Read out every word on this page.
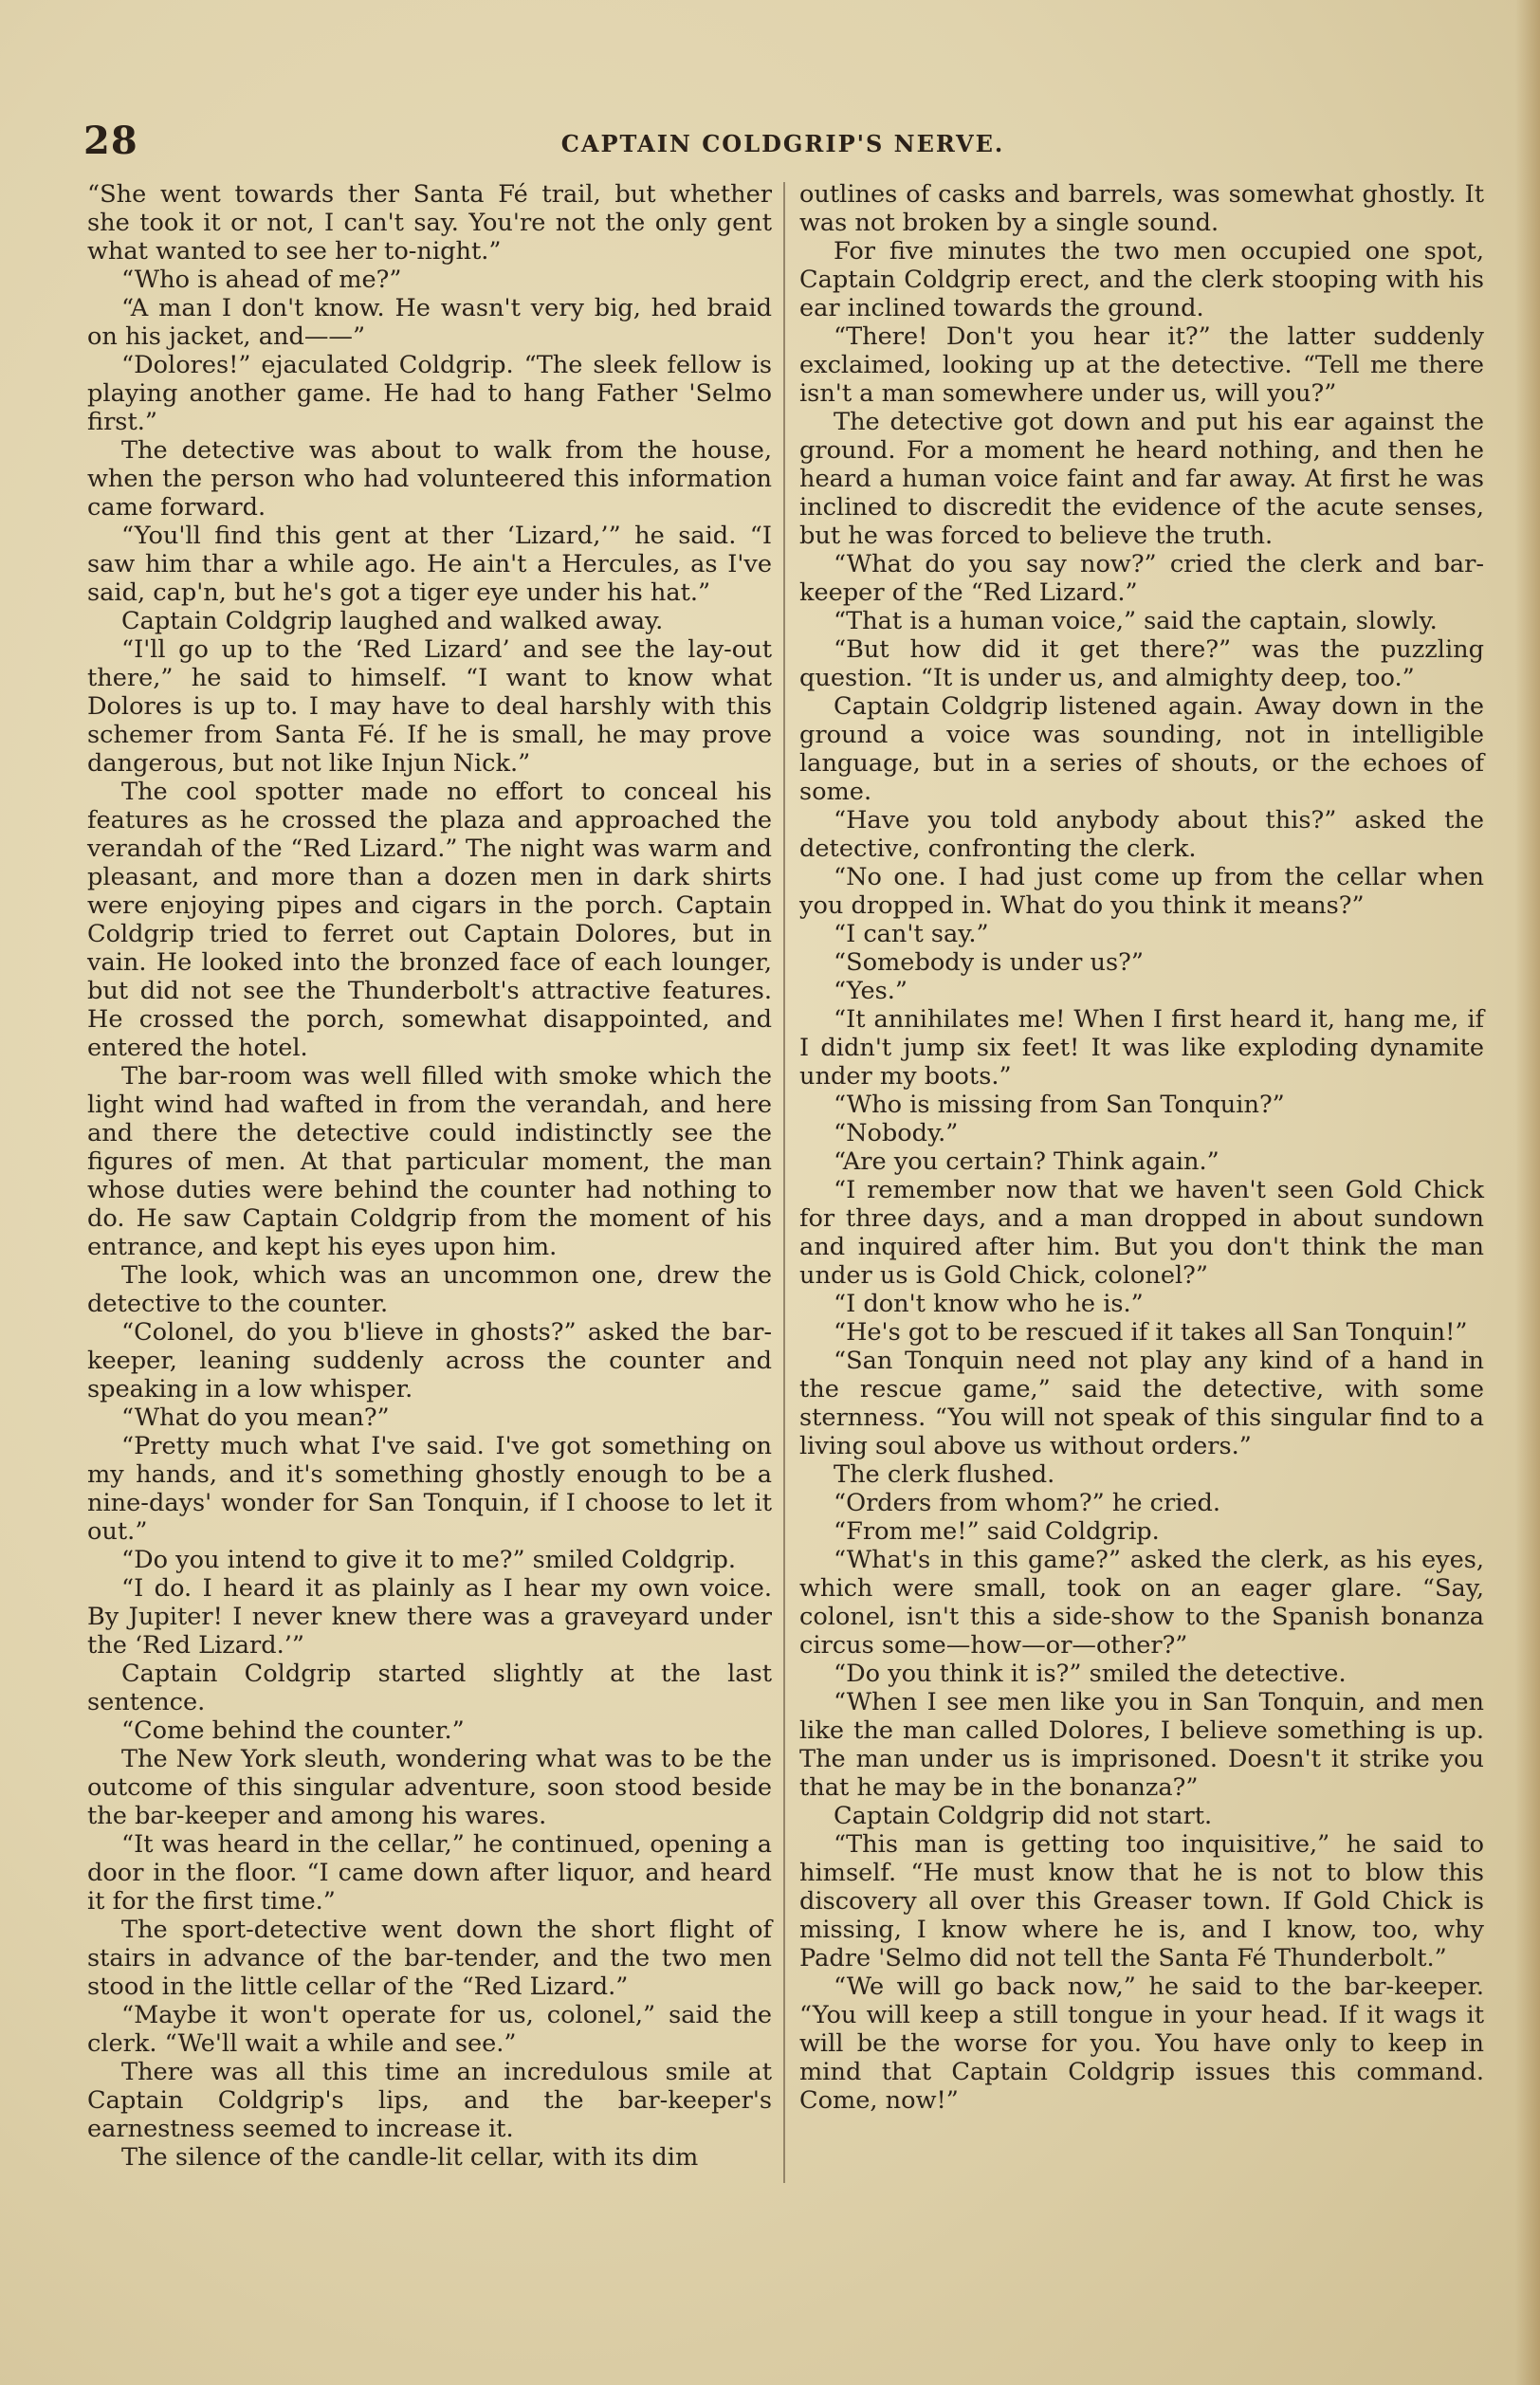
28	CAPTAIN COLDGRIP'S NERVE.

“She went towards ther Santa Fé trail, but whether she took it or not, I can't say. You're not the only gent what wanted to see her to-night.”

“Who is ahead of me?”

“A man I don't know. He wasn't very big, hed braid on his jacket, and——”

“Dolores!” ejaculated Coldgrip. “The sleek fellow is playing another game. He had to hang Father 'Selmo first.”

The detective was about to walk from the house, when the person who had volunteered this information came forward.

“You'll find this gent at ther ‘Lizard,’” he said. “I saw him thar a while ago. He ain't a Hercules, as I've said, cap'n, but he's got a tiger eye under his hat.”

Captain Coldgrip laughed and walked away.

“I'll go up to the ‘Red Lizard’ and see the lay-out there,” he said to himself. “I want to know what Dolores is up to. I may have to deal harshly with this schemer from Santa Fé. If he is small, he may prove dangerous, but not like Injun Nick.”

The cool spotter made no effort to conceal his features as he crossed the plaza and approached the verandah of the “Red Lizard.” The night was warm and pleasant, and more than a dozen men in dark shirts were enjoying pipes and cigars in the porch. Captain Coldgrip tried to ferret out Captain Dolores, but in vain. He looked into the bronzed face of each lounger, but did not see the Thunderbolt's attractive features. He crossed the porch, somewhat disappointed, and entered the hotel.

The bar-room was well filled with smoke which the light wind had wafted in from the verandah, and here and there the detective could indistinctly see the figures of men. At that particular moment, the man whose duties were behind the counter had nothing to do. He saw Captain Coldgrip from the moment of his entrance, and kept his eyes upon him.

The look, which was an uncommon one, drew the detective to the counter.

“Colonel, do you b'lieve in ghosts?” asked the bar-keeper, leaning suddenly across the counter and speaking in a low whisper.

“What do you mean?”

“Pretty much what I've said. I've got something on my hands, and it's something ghostly enough to be a nine-days' wonder for San Tonquin, if I choose to let it out.”

“Do you intend to give it to me?” smiled Coldgrip.

“I do. I heard it as plainly as I hear my own voice. By Jupiter! I never knew there was a graveyard under the ‘Red Lizard.’”

Captain Coldgrip started slightly at the last sentence.

“Come behind the counter.”

The New York sleuth, wondering what was to be the outcome of this singular adventure, soon stood beside the bar-keeper and among his wares.

“It was heard in the cellar,” he continued, opening a door in the floor. “I came down after liquor, and heard it for the first time.”

The sport-detective went down the short flight of stairs in advance of the bar-tender, and the two men stood in the little cellar of the “Red Lizard.”

“Maybe it won't operate for us, colonel,” said the clerk. “We'll wait a while and see.”

There was all this time an incredulous smile at Captain Coldgrip's lips, and the bar-keeper's earnestness seemed to increase it.

The silence of the candle-lit cellar, with its dim

outlines of casks and barrels, was somewhat ghostly. It was not broken by a single sound.

For five minutes the two men occupied one spot, Captain Coldgrip erect, and the clerk stooping with his ear inclined towards the ground.

“There! Don't you hear it?” the latter suddenly exclaimed, looking up at the detective. “Tell me there isn't a man somewhere under us, will you?”

The detective got down and put his ear against the ground. For a moment he heard nothing, and then he heard a human voice faint and far away. At first he was inclined to discredit the evidence of the acute senses, but he was forced to believe the truth.

“What do you say now?” cried the clerk and bar-keeper of the “Red Lizard.”

“That is a human voice,” said the captain, slowly.

“But how did it get there?” was the puzzling question. “It is under us, and almighty deep, too.”

Captain Coldgrip listened again. Away down in the ground a voice was sounding, not in intelligible language, but in a series of shouts, or the echoes of some.

“Have you told anybody about this?” asked the detective, confronting the clerk.

“No one. I had just come up from the cellar when you dropped in. What do you think it means?”

“I can't say.”

“Somebody is under us?”

“Yes.”

“It annihilates me! When I first heard it, hang me, if I didn't jump six feet! It was like exploding dynamite under my boots.”

“Who is missing from San Tonquin?”

“Nobody.”

“Are you certain? Think again.”

“I remember now that we haven't seen Gold Chick for three days, and a man dropped in about sundown and inquired after him. But you don't think the man under us is Gold Chick, colonel?”

“I don't know who he is.”

“He's got to be rescued if it takes all San Tonquin!”

“San Tonquin need not play any kind of a hand in the rescue game,” said the detective, with some sternness. “You will not speak of this singular find to a living soul above us without orders.”

The clerk flushed.

“Orders from whom?” he cried.

“From me!” said Coldgrip.

“What's in this game?” asked the clerk, as his eyes, which were small, took on an eager glare. “Say, colonel, isn't this a side-show to the Spanish bonanza circus some—how—or—other?”

“Do you think it is?” smiled the detective.

“When I see men like you in San Tonquin, and men like the man called Dolores, I believe something is up. The man under us is imprisoned. Doesn't it strike you that he may be in the bonanza?”

Captain Coldgrip did not start.

“This man is getting too inquisitive,” he said to himself. “He must know that he is not to blow this discovery all over this Greaser town. If Gold Chick is missing, I know where he is, and I know, too, why Padre 'Selmo did not tell the Santa Fé Thunderbolt.”

“We will go back now,” he said to the bar-keeper. “You will keep a still tongue in your head. If it wags it will be the worse for you. You have only to keep in mind that Captain Coldgrip issues this command. Come, now!”
